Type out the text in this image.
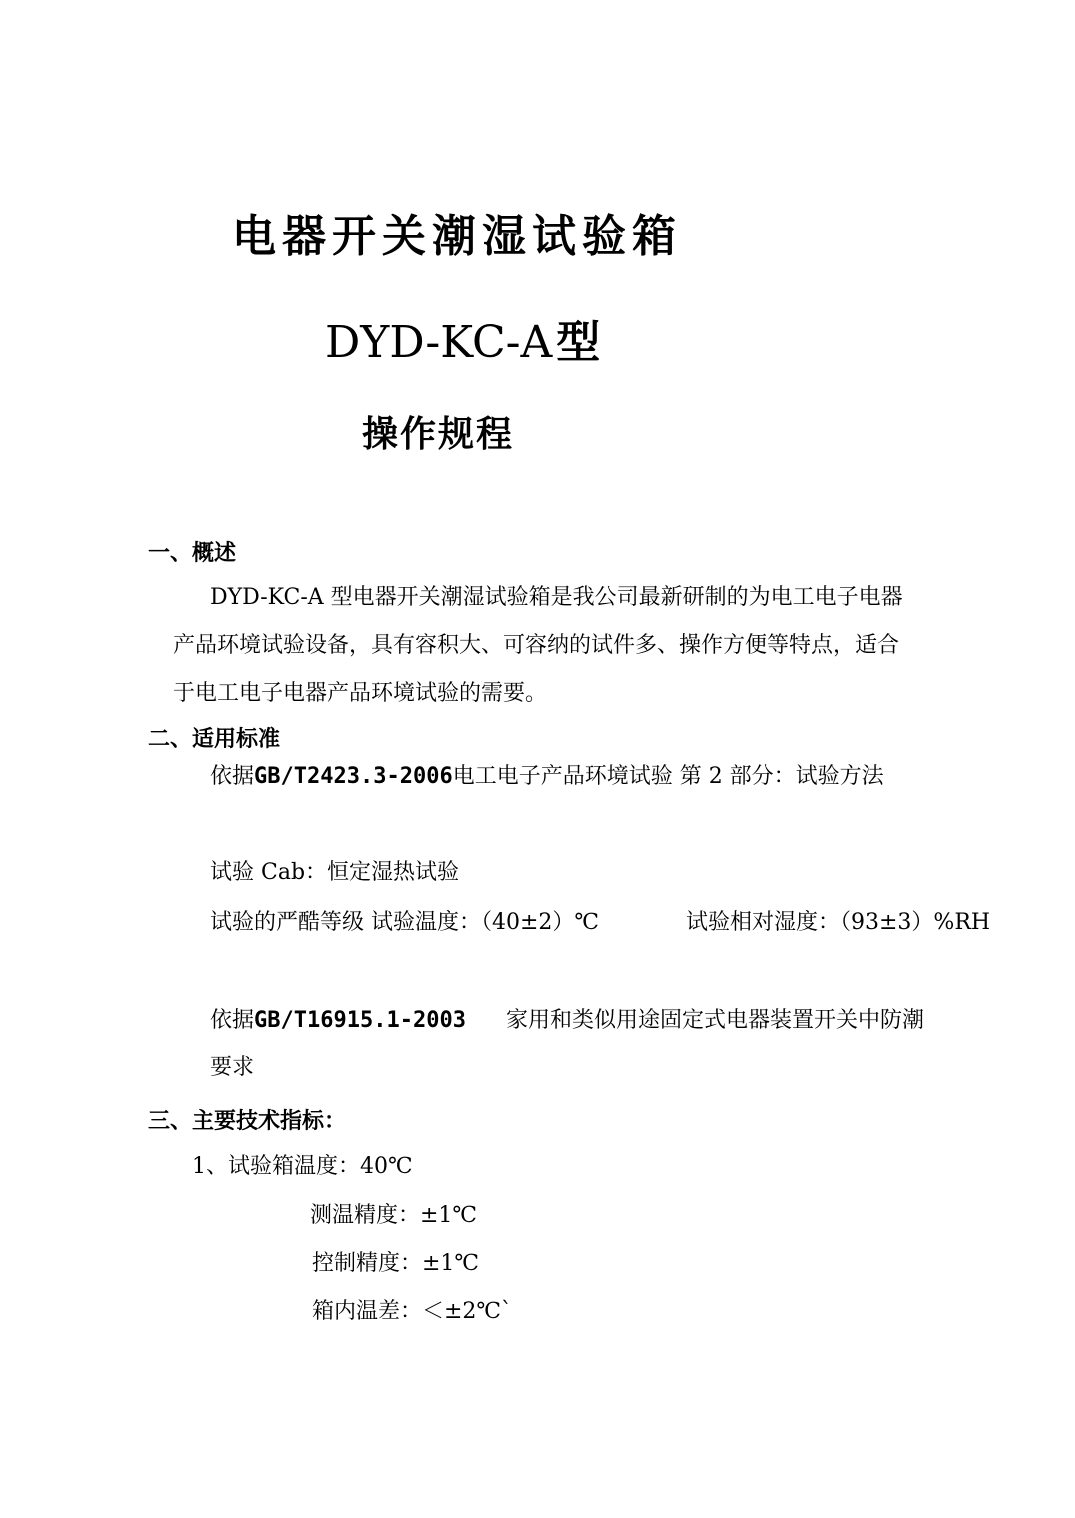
电器开关潮湿试验箱
DYD-KC-A型
操作规程
一、概述
DYD-KC-A 型电器开关潮湿试验箱是我公司最新研制的为电工电子电器
产品环境试验设备，具有容积大、可容纳的试件多、操作方便等特点，适合
于电工电子电器产品环境试验的需要。
二、适用标准
依据GB/T2423.3-2006电工电子产品环境试验 第 2 部分：试验方法
试验 Cab：恒定湿热试验
试验的严酷等级 试验温度：（40±2）℃	试验相对湿度：（93±3）%RH
依据GB/T16915.1-2003 家用和类似用途固定式电器装置开关中防潮
要求
三、主要技术指标：
1、试验箱温度：40℃
测温精度：±1℃
控制精度：±1℃
箱内温差：＜±2℃`
